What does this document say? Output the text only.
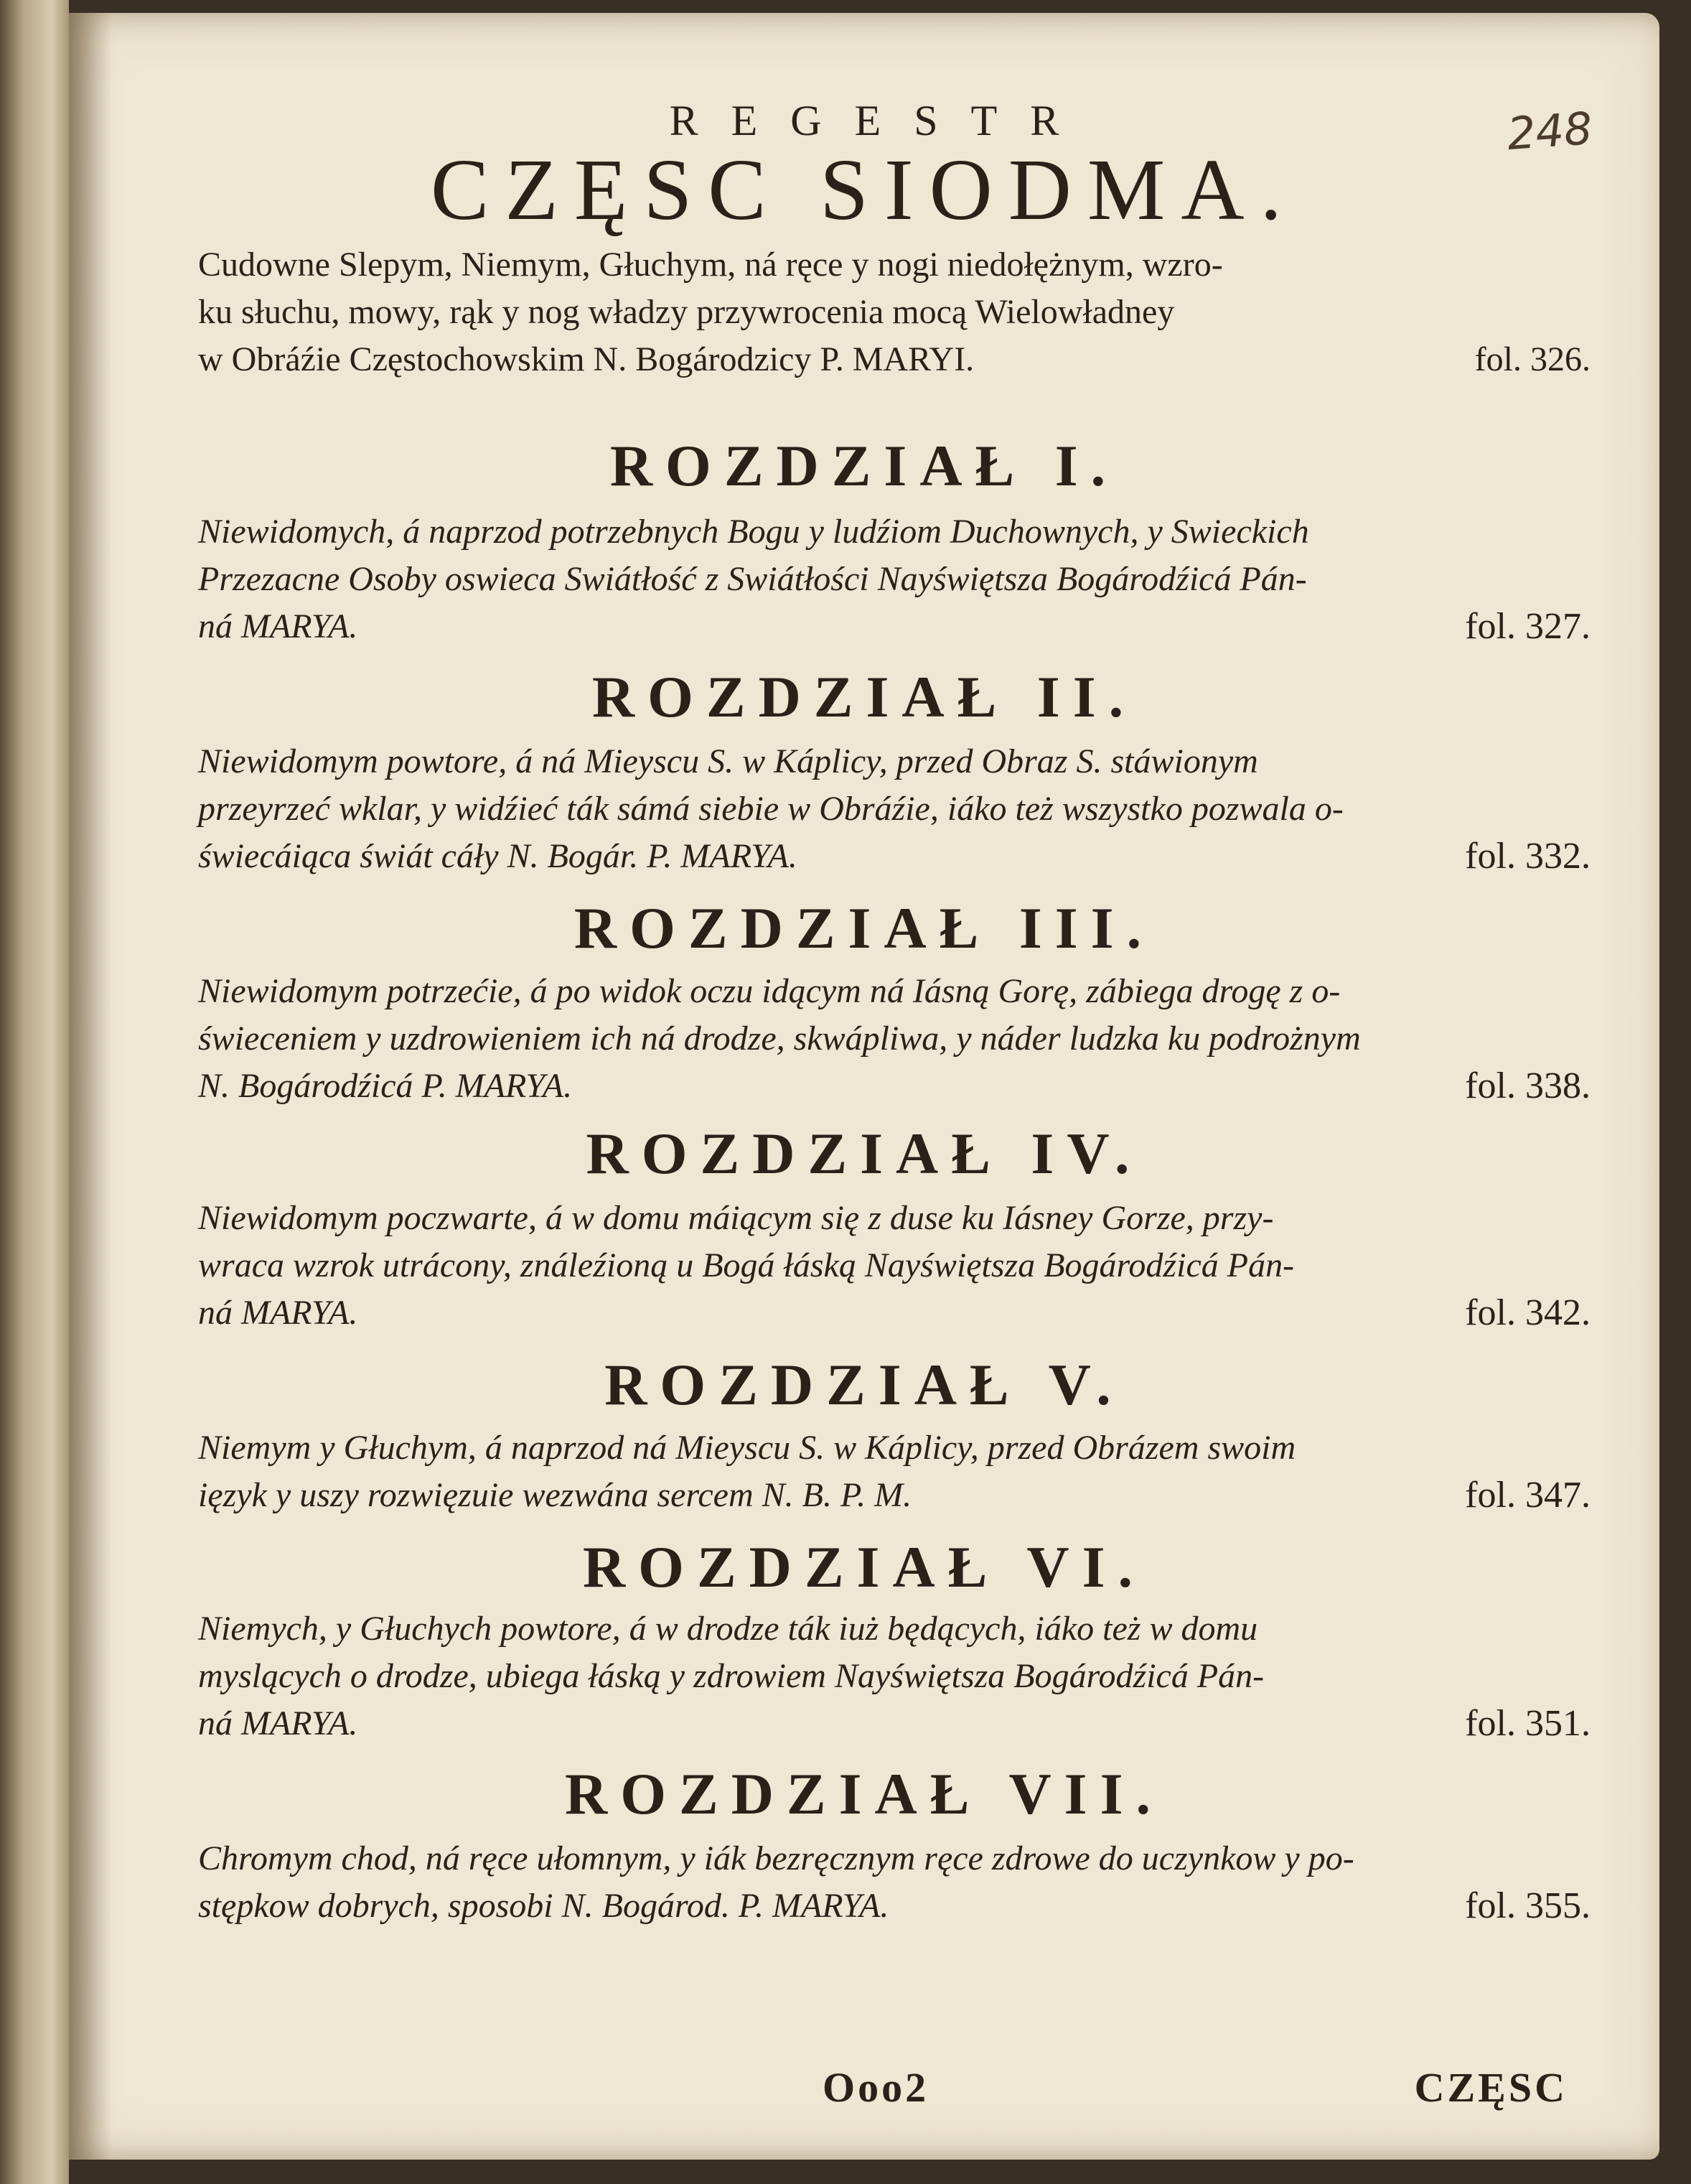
248
REGESTR
CZĘSC SIODMA.
Cudowne Slepym, Niemym, Głuchym, ná ręce y nogi niedołężnym, wzro-
ku słuchu, mowy, rąk y nog władzy przywrocenia mocą Wielowładney
w Obráźie Częstochowskim N. Bogárodzicy P. MARYI.	fol. 326.
ROZDZIAŁ I.
Niewidomych, á naprzod potrzebnych Bogu y ludźiom Duchownych, y Swieckich
Przezacne Osoby oswieca Swiátłość z Swiátłości Nayświętsza Bogárodźicá Pán-
ná MARYA.	fol. 327.
ROZDZIAŁ II.
Niewidomym powtore, á ná Mieyscu S. w Káplicy, przed Obraz S. stáwionym
przeyrzeć wklar, y widźieć ták sámá siebie w Obráźie, iáko też wszystko pozwala o-
świecáiąca świát cáły N. Bogár. P. MARYA.	fol. 332.
ROZDZIAŁ III.
Niewidomym potrzećie, á po widok oczu idącym ná Iásną Gorę, zábiega drogę z o-
świeceniem y uzdrowieniem ich ná drodze, skwápliwa, y náder ludzka ku podrożnym
N. Bogárodźicá P. MARYA.	fol. 338.
ROZDZIAŁ IV.
Niewidomym poczwarte, á w domu máiącym się z duse ku Iásney Gorze, przy-
wraca wzrok utrácony, ználeźioną u Bogá łáską Nayświętsza Bogárodźicá Pán-
ná MARYA.	fol. 342.
ROZDZIAŁ V.
Niemym y Głuchym, á naprzod ná Mieyscu S. w Káplicy, przed Obrázem swoim
ięzyk y uszy rozwięzuie wezwána sercem N. B. P. M.	fol. 347.
ROZDZIAŁ VI.
Niemych, y Głuchych powtore, á w drodze ták iuż będących, iáko też w domu
myslących o drodze, ubiega łáską y zdrowiem Nayświętsza Bogárodźicá Pán-
ná MARYA.	fol. 351.
ROZDZIAŁ VII.
Chromym chod, ná ręce ułomnym, y iák bezręcznym ręce zdrowe do uczynkow y po-
stępkow dobrych, sposobi N. Bogárod. P. MARYA.	fol. 355.
Ooo2	CZĘSC
